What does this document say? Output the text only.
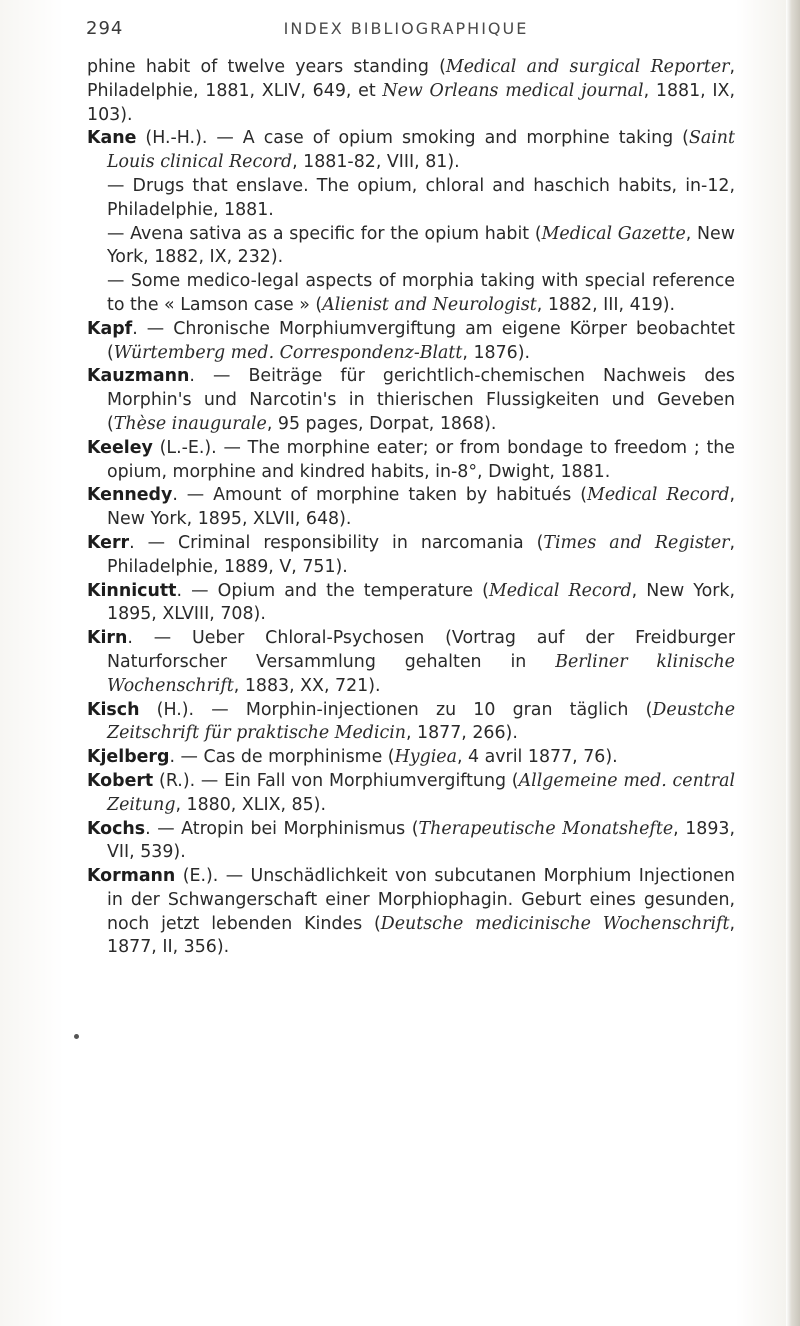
294	INDEX BIBLIOGRAPHIQUE

phine habit of twelve years standing (Medical and surgical Reporter, Philadelphie, 1881, XLIV, 649, et New Orleans medical journal, 1881, IX, 103).

Kane (H.-H.). — A case of opium smoking and morphine taking (Saint Louis clinical Record, 1881-82, VIII, 81).

— Drugs that enslave. The opium, chloral and haschich habits, in-12, Philadelphie, 1881.

— Avena sativa as a specific for the opium habit (Medical Gazette, New York, 1882, IX, 232).

— Some medico-legal aspects of morphia taking with special reference to the « Lamson case » (Alienist and Neurologist, 1882, III, 419).

Kapf. — Chronische Morphiumvergiftung am eigene Körper beobachtet (Würtemberg med. Correspondenz-Blatt, 1876).

Kauzmann. — Beiträge für gerichtlich-chemischen Nachweis des Morphin's und Narcotin's in thierischen Flussigkeiten und Geveben (Thèse inaugurale, 95 pages, Dorpat, 1868).

Keeley (L.-E.). — The morphine eater; or from bondage to freedom ; the opium, morphine and kindred habits, in-8°, Dwight, 1881.

Kennedy. — Amount of morphine taken by habitués (Medical Record, New York, 1895, XLVII, 648).

Kerr. — Criminal responsibility in narcomania (Times and Register, Philadelphie, 1889, V, 751).

Kinnicutt. — Opium and the temperature (Medical Record, New York, 1895, XLVIII, 708).

Kirn. — Ueber Chloral-Psychosen (Vortrag auf der Freidburger Naturforscher Versammlung gehalten in Berliner klinische Wochenschrift, 1883, XX, 721).

Kisch (H.). — Morphin-injectionen zu 10 gran täglich (Deustche Zeitschrift für praktische Medicin, 1877, 266).

Kjelberg. — Cas de morphinisme (Hygiea, 4 avril 1877, 76).

Kobert (R.). — Ein Fall von Morphiumvergiftung (Allgemeine med. central Zeitung, 1880, XLIX, 85).

Kochs. — Atropin bei Morphinismus (Therapeutische Monatshefte, 1893, VII, 539).

Kormann (E.). — Unschädlichkeit von subcutanen Morphium Injectionen in der Schwangerschaft einer Morphiophagin. Geburt eines gesunden, noch jetzt lebenden Kindes (Deutsche medicinische Wochenschrift, 1877, II, 356).
